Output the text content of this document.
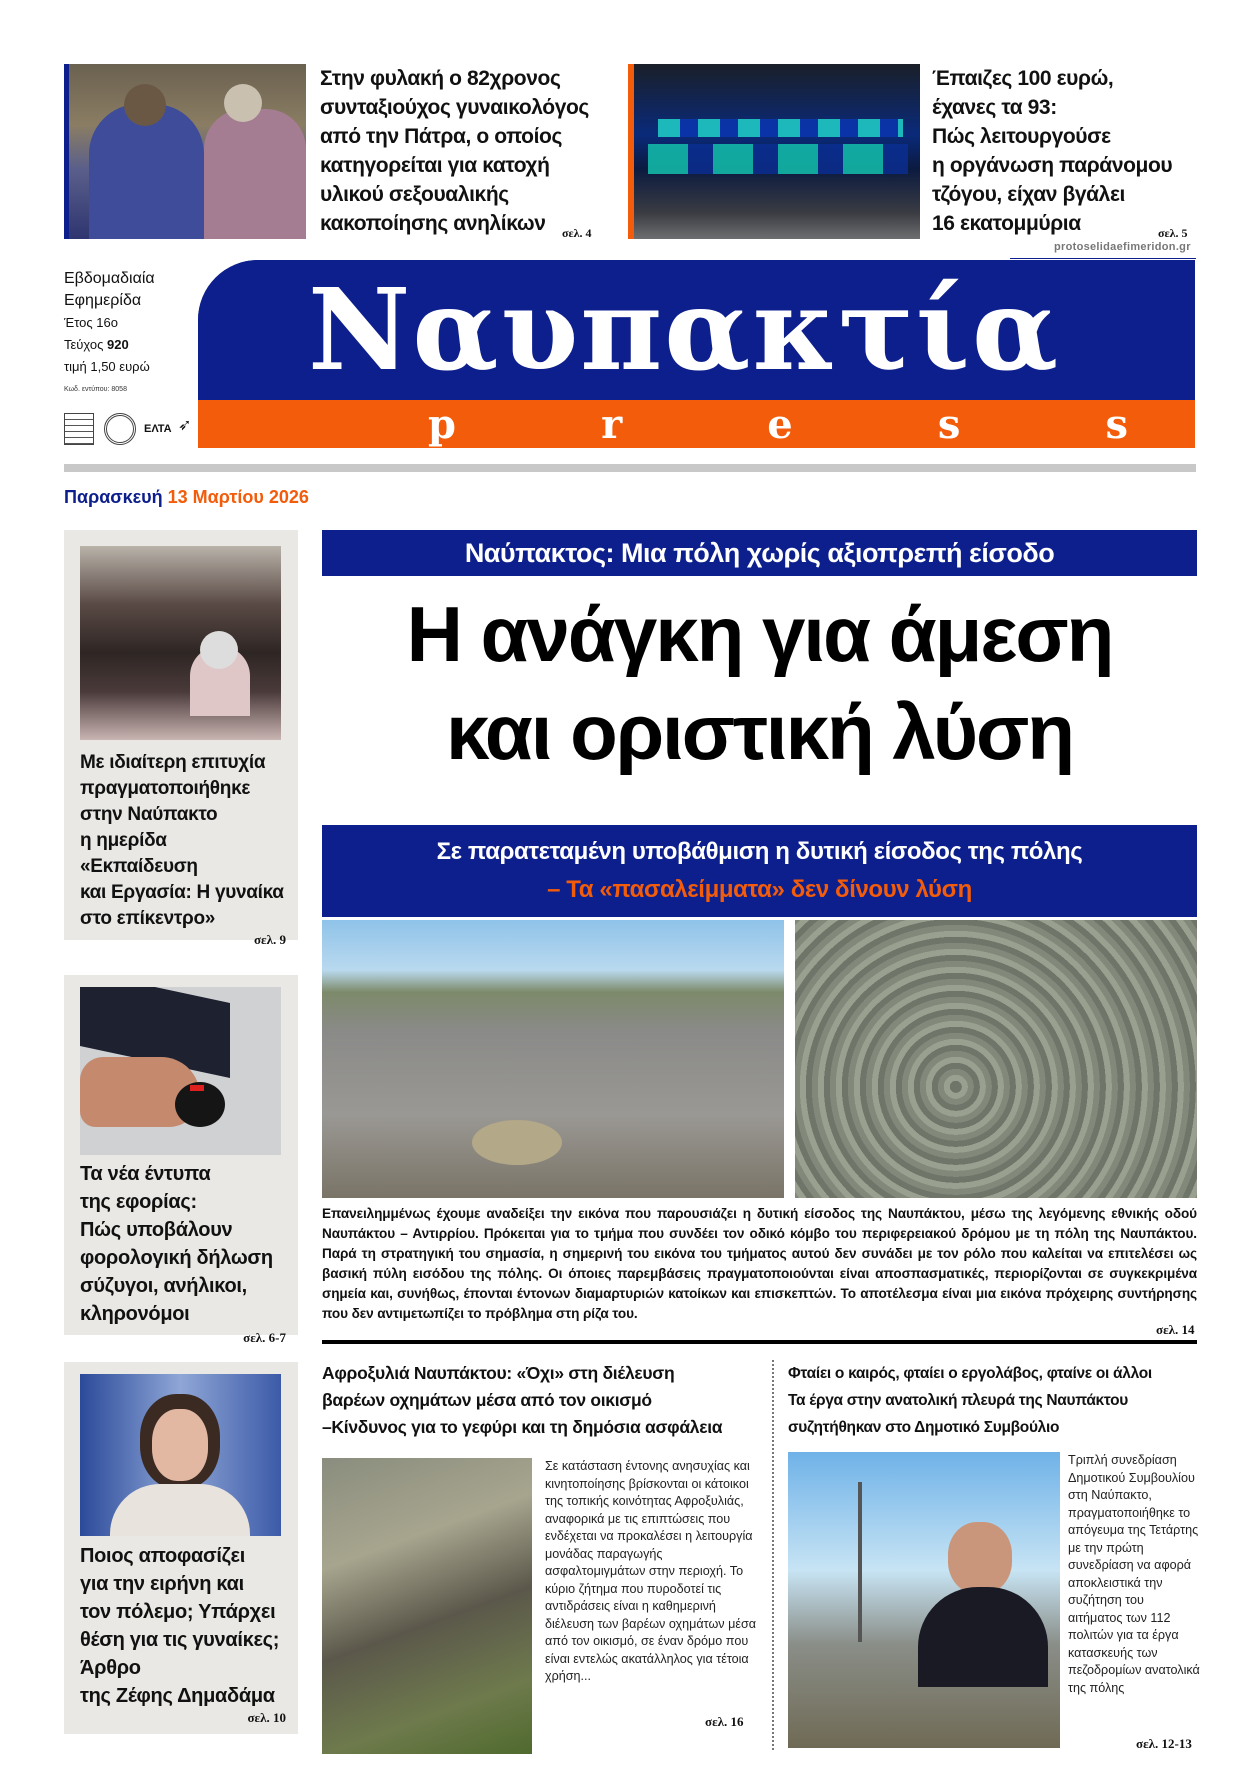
Στην φυλακή ο 82χρονος
συνταξιούχος γυναικολόγος
από την Πάτρα, ο οποίος
κατηγορείται για κατοχή
υλικού σεξουαλικής
κακοποίησης ανηλίκων	σελ. 4
Έπαιζες 100 ευρώ,
έχανες τα 93:
Πώς λειτουργούσε
η οργάνωση παράνομου
τζόγου, είχαν βγάλει
16 εκατομμύρια	σελ. 5
protoselidaefimeridon.gr
Εβδομαδιαία
Εφημερίδα
Έτος 16ο
Τεύχος 920
τιμή 1,50 ευρώ
Κωδ. εντύπου: 8058
ΕΛΤΑ ➶
Ναυπακτία
p	r	e	s	s
Παρασκευή 13 Μαρτίου 2026
Με ιδιαίτερη επιτυχία
πραγματοποιήθηκε
στην Ναύπακτο
η ημερίδα
«Εκπαίδευση
και Εργασία: Η γυναίκα
στο επίκεντρο»
σελ. 9
Τα νέα έντυπα
της εφορίας:
Πώς υποβάλουν
φορολογική δήλωση
σύζυγοι, ανήλικοι,
κληρονόμοι
σελ. 6-7
Ποιος αποφασίζει
για την ειρήνη και
τον πόλεμο; Υπάρχει
θέση για τις γυναίκες;
Άρθρο
της Ζέφης Δημαδάμα
σελ. 10
Ναύπακτος: Μια πόλη χωρίς αξιοπρεπή είσοδο
Η ανάγκη για άμεση
και οριστική λύση
Σε παρατεταμένη υποβάθμιση η δυτική είσοδος της πόλης
– Τα «πασαλείμματα» δεν δίνουν λύση
Επανειλημμένως έχουμε αναδείξει την εικόνα που παρουσιάζει η δυτική είσοδος της Ναυπάκτου, μέσω της λεγόμενης εθνικής οδού Ναυπάκτου – Αντιρρίου. Πρόκειται για το τμήμα που συνδέει τον οδικό κόμβο του περιφερειακού δρόμου με τη πόλη της Ναυπάκτου. Παρά τη στρατηγική του σημασία, η σημερινή του εικόνα του τμήματος αυτού δεν συνάδει με τον ρόλο που καλείται να επιτελέσει ως βασική πύλη εισόδου της πόλης. Οι όποιες παρεμβάσεις πραγματοποιούνται είναι αποσπασματικές, περιορίζονται σε συγκεκριμένα σημεία και, συνήθως, έπονται έντονων διαμαρτυριών κατοίκων και επισκεπτών. Το αποτέλεσμα είναι μια εικόνα πρόχειρης συντήρησης που δεν αντιμετωπίζει το πρόβλημα στη ρίζα του.
σελ. 14
Αφροξυλιά Ναυπάκτου: «Όχι» στη διέλευση
βαρέων οχημάτων μέσα από τον οικισμό
–Κίνδυνος για το γεφύρι και τη δημόσια ασφάλεια
Σε κατάσταση έντονης ανησυχίας και κινητοποίησης βρίσκονται οι κάτοικοι της τοπικής κοινότητας Αφροξυλιάς, αναφορικά με τις επιπτώσεις που ενδέχεται να προκαλέσει η λειτουργία μονάδας παραγωγής ασφαλτομιγμάτων στην περιοχή. Το κύριο ζήτημα που πυροδοτεί τις αντιδράσεις είναι η καθημερινή διέλευση των βαρέων οχημάτων μέσα από τον οικισμό, σε έναν δρόμο που είναι εντελώς ακατάλληλος για τέτοια χρήση...
σελ. 16
Φταίει ο καιρός, φταίει ο εργολάβος, φταίνε οι άλλοι
Τα έργα στην ανατολική πλευρά της Ναυπάκτου
συζητήθηκαν στο Δημοτικό Συμβούλιο
Τριπλή συνεδρίαση Δημοτικού Συμβουλίου στη Ναύπακτο, πραγματοποιήθηκε το απόγευμα της Τετάρτης με την πρώτη συνεδρίαση να αφορά αποκλειστικά την συζήτηση του αιτήματος των 112 πολιτών για τα έργα κατασκευής των πεζοδρομίων ανατολικά της πόλης
σελ. 12-13
